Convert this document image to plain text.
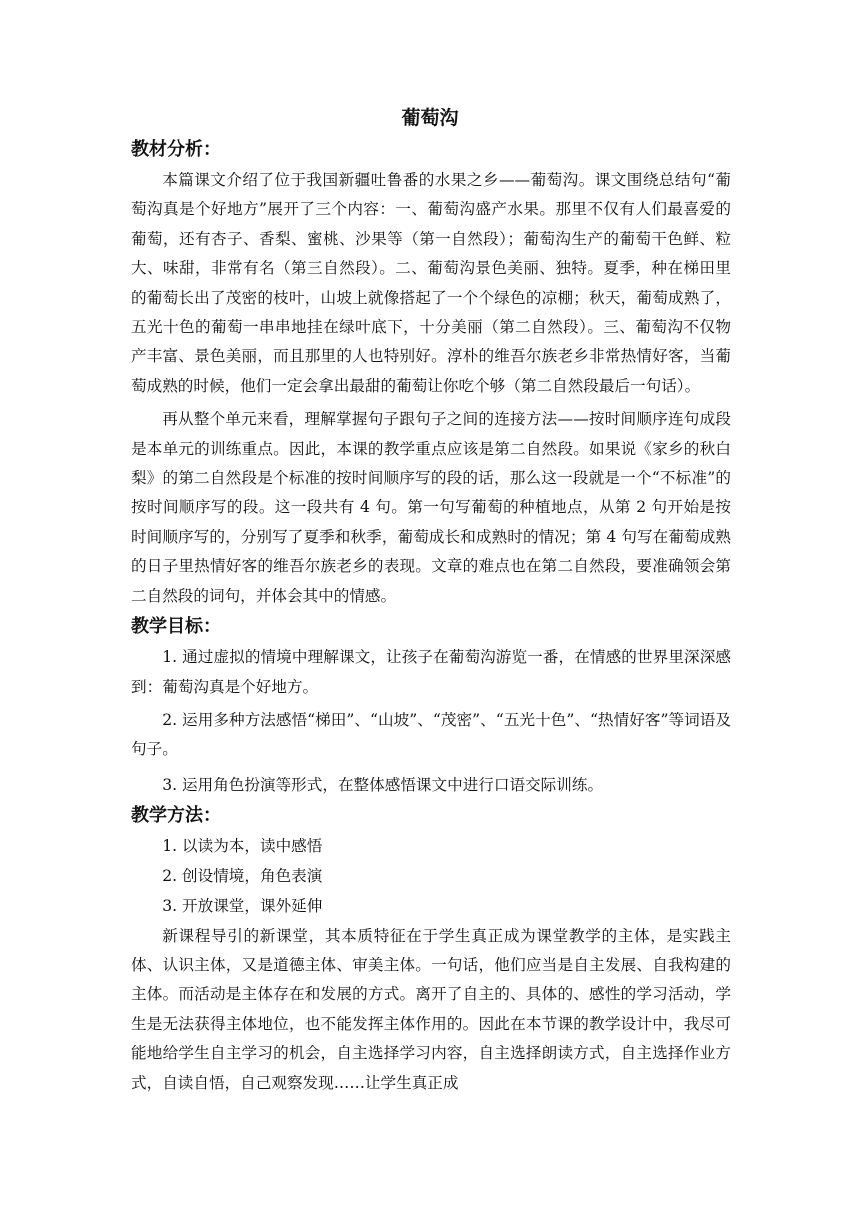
葡萄沟
教材分析：

本篇课文介绍了位于我国新疆吐鲁番的水果之乡——葡萄沟。课文围绕总结句“葡萄沟真是个好地方”展开了三个内容：一、葡萄沟盛产水果。那里不仅有人们最喜爱的葡萄，还有杏子、香梨、蜜桃、沙果等（第一自然段）；葡萄沟生产的葡萄干色鲜、粒大、味甜，非常有名（第三自然段）。二、葡萄沟景色美丽、独特。夏季，种在梯田里的葡萄长出了茂密的枝叶，山坡上就像搭起了一个个绿色的凉棚；秋天，葡萄成熟了，五光十色的葡萄一串串地挂在绿叶底下，十分美丽（第二自然段）。三、葡萄沟不仅物产丰富、景色美丽，而且那里的人也特别好。淳朴的维吾尔族老乡非常热情好客，当葡萄成熟的时候，他们一定会拿出最甜的葡萄让你吃个够（第二自然段最后一句话）。

再从整个单元来看，理解掌握句子跟句子之间的连接方法——按时间顺序连句成段是本单元的训练重点。因此，本课的教学重点应该是第二自然段。如果说《家乡的秋白梨》的第二自然段是个标准的按时间顺序写的段的话，那么这一段就是一个“不标准”的按时间顺序写的段。这一段共有 4 句。第一句写葡萄的种植地点，从第 2 句开始是按时间顺序写的，分别写了夏季和秋季，葡萄成长和成熟时的情况；第 4 句写在葡萄成熟的日子里热情好客的维吾尔族老乡的表现。文章的难点也在第二自然段，要准确领会第二自然段的词句，并体会其中的情感。

教学目标：

1. 通过虚拟的情境中理解课文，让孩子在葡萄沟游览一番，在情感的世界里深深感到：葡萄沟真是个好地方。

2. 运用多种方法感悟“梯田”、“山坡”、“茂密”、“五光十色”、“热情好客”等词语及句子。

3. 运用角色扮演等形式，在整体感悟课文中进行口语交际训练。

教学方法：

1. 以读为本，读中感悟

2. 创设情境，角色表演

3. 开放课堂，课外延伸

新课程导引的新课堂，其本质特征在于学生真正成为课堂教学的主体，是实践主体、认识主体，又是道德主体、审美主体。一句话，他们应当是自主发展、自我构建的主体。而活动是主体存在和发展的方式。离开了自主的、具体的、感性的学习活动，学生是无法获得主体地位，也不能发挥主体作用的。因此在本节课的教学设计中，我尽可能地给学生自主学习的机会，自主选择学习内容，自主选择朗读方式，自主选择作业方式，自读自悟，自己观察发现……让学生真正成
